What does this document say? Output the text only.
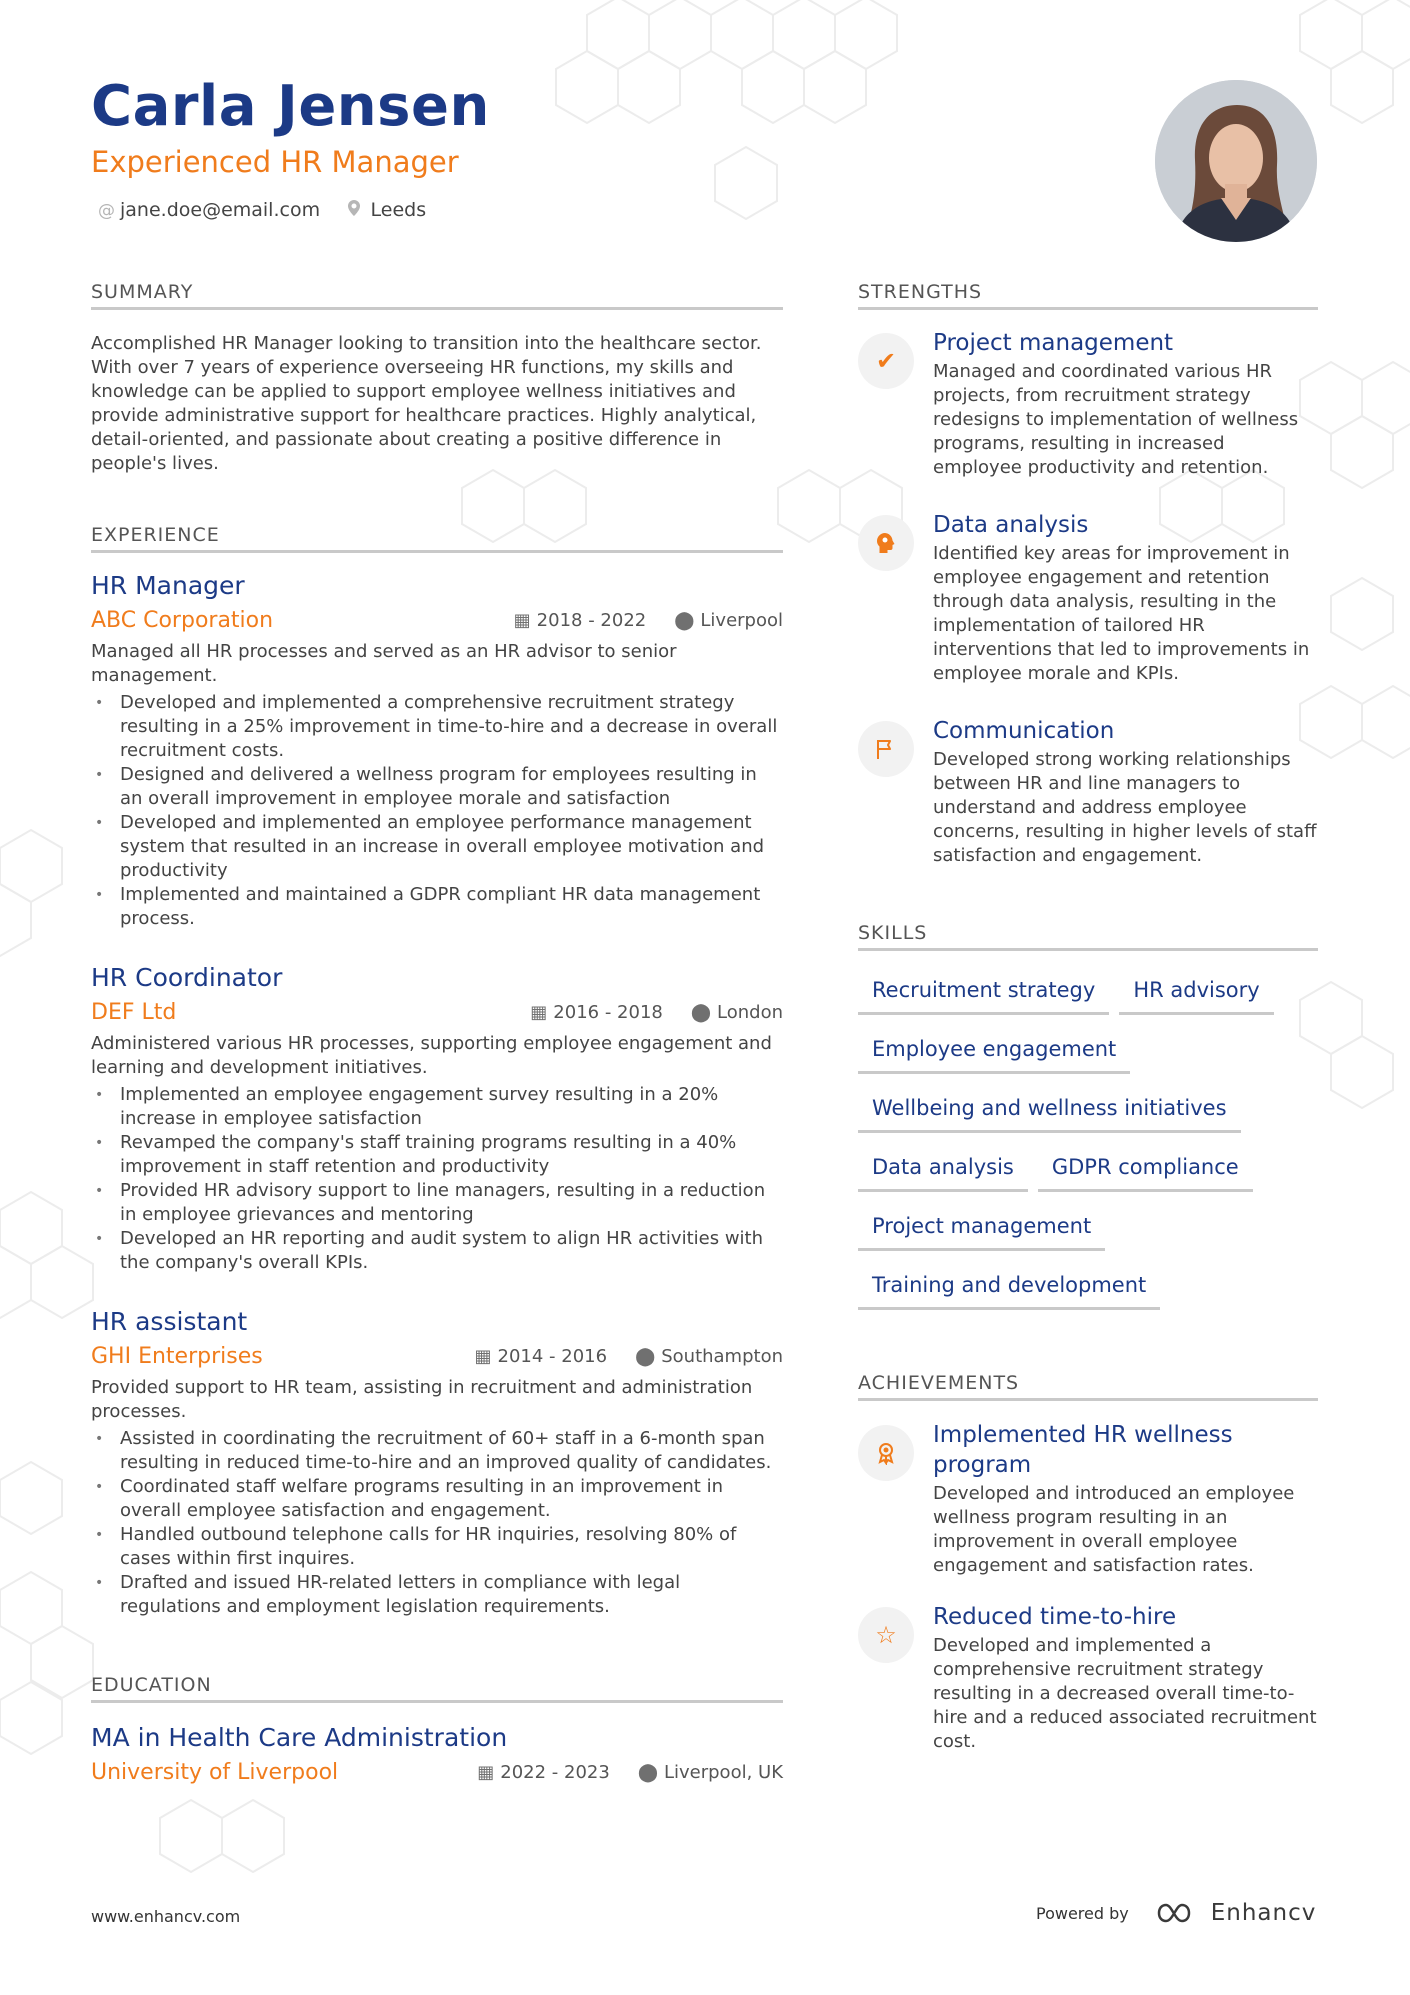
Carla Jensen
Experienced HR Manager
@ jane.doe@email.com	Leeds
SUMMARY
Accomplished HR Manager looking to transition into the healthcare sector. With over 7 years of experience overseeing HR functions, my skills and knowledge can be applied to support employee wellness initiatives and provide administrative support for healthcare practices. Highly analytical, detail-oriented, and passionate about creating a positive difference in people's lives.
EXPERIENCE
HR Manager
ABC Corporation	▦ 2018 - 2022 ⬤ Liverpool
Managed all HR processes and served as an HR advisor to senior management.
• Developed and implemented a comprehensive recruitment strategy resulting in a 25% improvement in time-to-hire and a decrease in overall recruitment costs.
• Designed and delivered a wellness program for employees resulting in an overall improvement in employee morale and satisfaction
• Developed and implemented an employee performance management system that resulted in an increase in overall employee motivation and productivity
• Implemented and maintained a GDPR compliant HR data management process.
HR Coordinator
DEF Ltd	▦ 2016 - 2018 ⬤ London
Administered various HR processes, supporting employee engagement and learning and development initiatives.
• Implemented an employee engagement survey resulting in a 20% increase in employee satisfaction
• Revamped the company's staff training programs resulting in a 40% improvement in staff retention and productivity
• Provided HR advisory support to line managers, resulting in a reduction in employee grievances and mentoring
• Developed an HR reporting and audit system to align HR activities with the company's overall KPIs.
HR assistant
GHI Enterprises	▦ 2014 - 2016 ⬤ Southampton
Provided support to HR team, assisting in recruitment and administration processes.
• Assisted in coordinating the recruitment of 60+ staff in a 6-month span resulting in reduced time-to-hire and an improved quality of candidates.
• Coordinated staff welfare programs resulting in an improvement in overall employee satisfaction and engagement.
• Handled outbound telephone calls for HR inquiries, resolving 80% of cases within first inquires.
• Drafted and issued HR-related letters in compliance with legal regulations and employment legislation requirements.
EDUCATION
MA in Health Care Administration
University of Liverpool	▦ 2022 - 2023 ⬤ Liverpool, UK
STRENGTHS
✔
Project management
Managed and coordinated various HR projects, from recruitment strategy redesigns to implementation of wellness programs, resulting in increased employee productivity and retention.
Data analysis
Identified key areas for improvement in employee engagement and retention through data analysis, resulting in the implementation of tailored HR interventions that led to improvements in employee morale and KPIs.
Communication
Developed strong working relationships between HR and line managers to understand and address employee concerns, resulting in higher levels of staff satisfaction and engagement.
SKILLS
Recruitment strategy	HR advisory
Employee engagement
Wellbeing and wellness initiatives
Data analysis	GDPR compliance
Project management
Training and development
ACHIEVEMENTS
Implemented HR wellness program
Developed and introduced an employee wellness program resulting in an improvement in overall employee engagement and satisfaction rates.
☆
Reduced time-to-hire
Developed and implemented a comprehensive recruitment strategy resulting in a decreased overall time-to-hire and a reduced associated recruitment cost.
www.enhancv.com	Powered by	Enhancv
